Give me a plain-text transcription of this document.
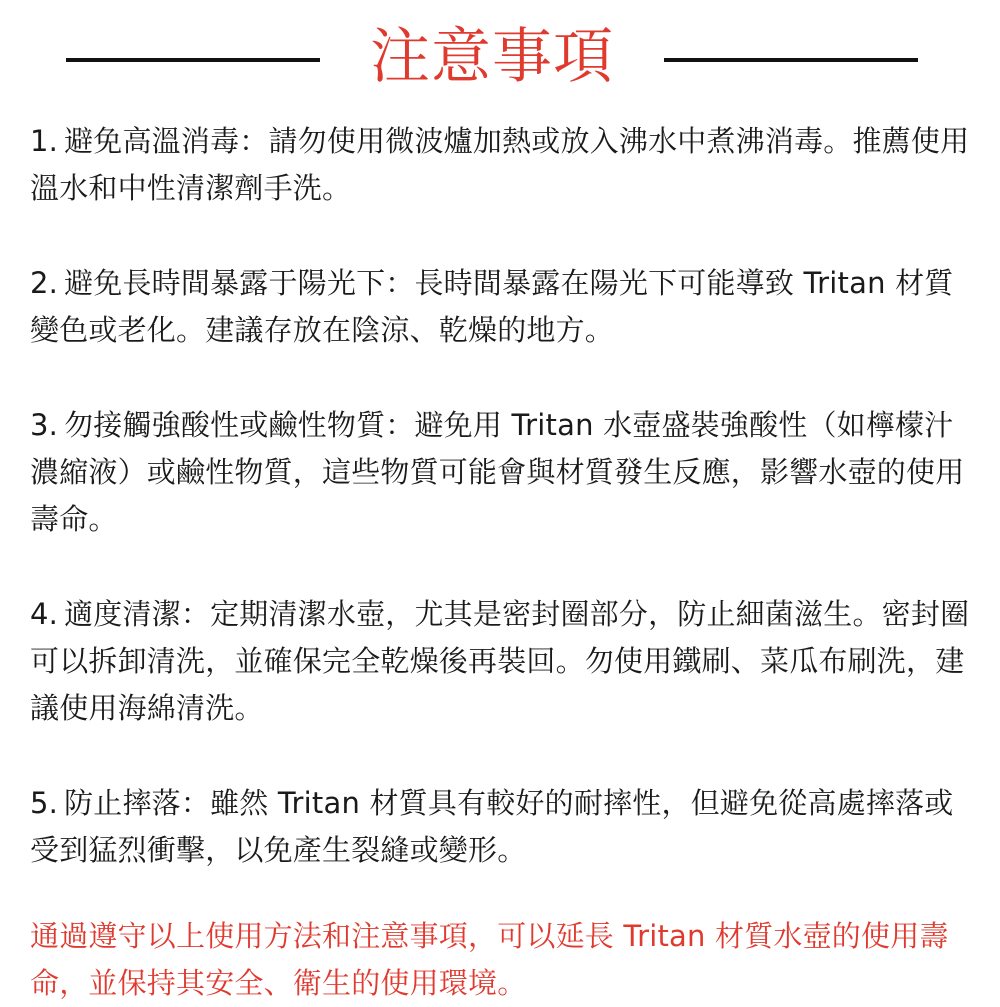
注意事項

1. 避免高溫消毒：請勿使用微波爐加熱或放入沸水中煮沸消毒。推薦使用溫水和中性清潔劑手洗。

2. 避免長時間暴露于陽光下：長時間暴露在陽光下可能導致 Tritan 材質變色或老化。建議存放在陰涼、乾燥的地方。

3. 勿接觸強酸性或鹼性物質：避免用 Tritan 水壺盛裝強酸性（如檸檬汁濃縮液）或鹼性物質，這些物質可能會與材質發生反應，影響水壺的使用壽命。

4. 適度清潔：定期清潔水壺，尤其是密封圈部分，防止細菌滋生。密封圈可以拆卸清洗，並確保完全乾燥後再裝回。勿使用鐵刷、菜瓜布刷洗，建議使用海綿清洗。

5. 防止摔落：雖然 Tritan 材質具有較好的耐摔性，但避免從高處摔落或受到猛烈衝擊，以免產生裂縫或變形。

通過遵守以上使用方法和注意事項，可以延長 Tritan 材質水壺的使用壽命，並保持其安全、衛生的使用環境。
